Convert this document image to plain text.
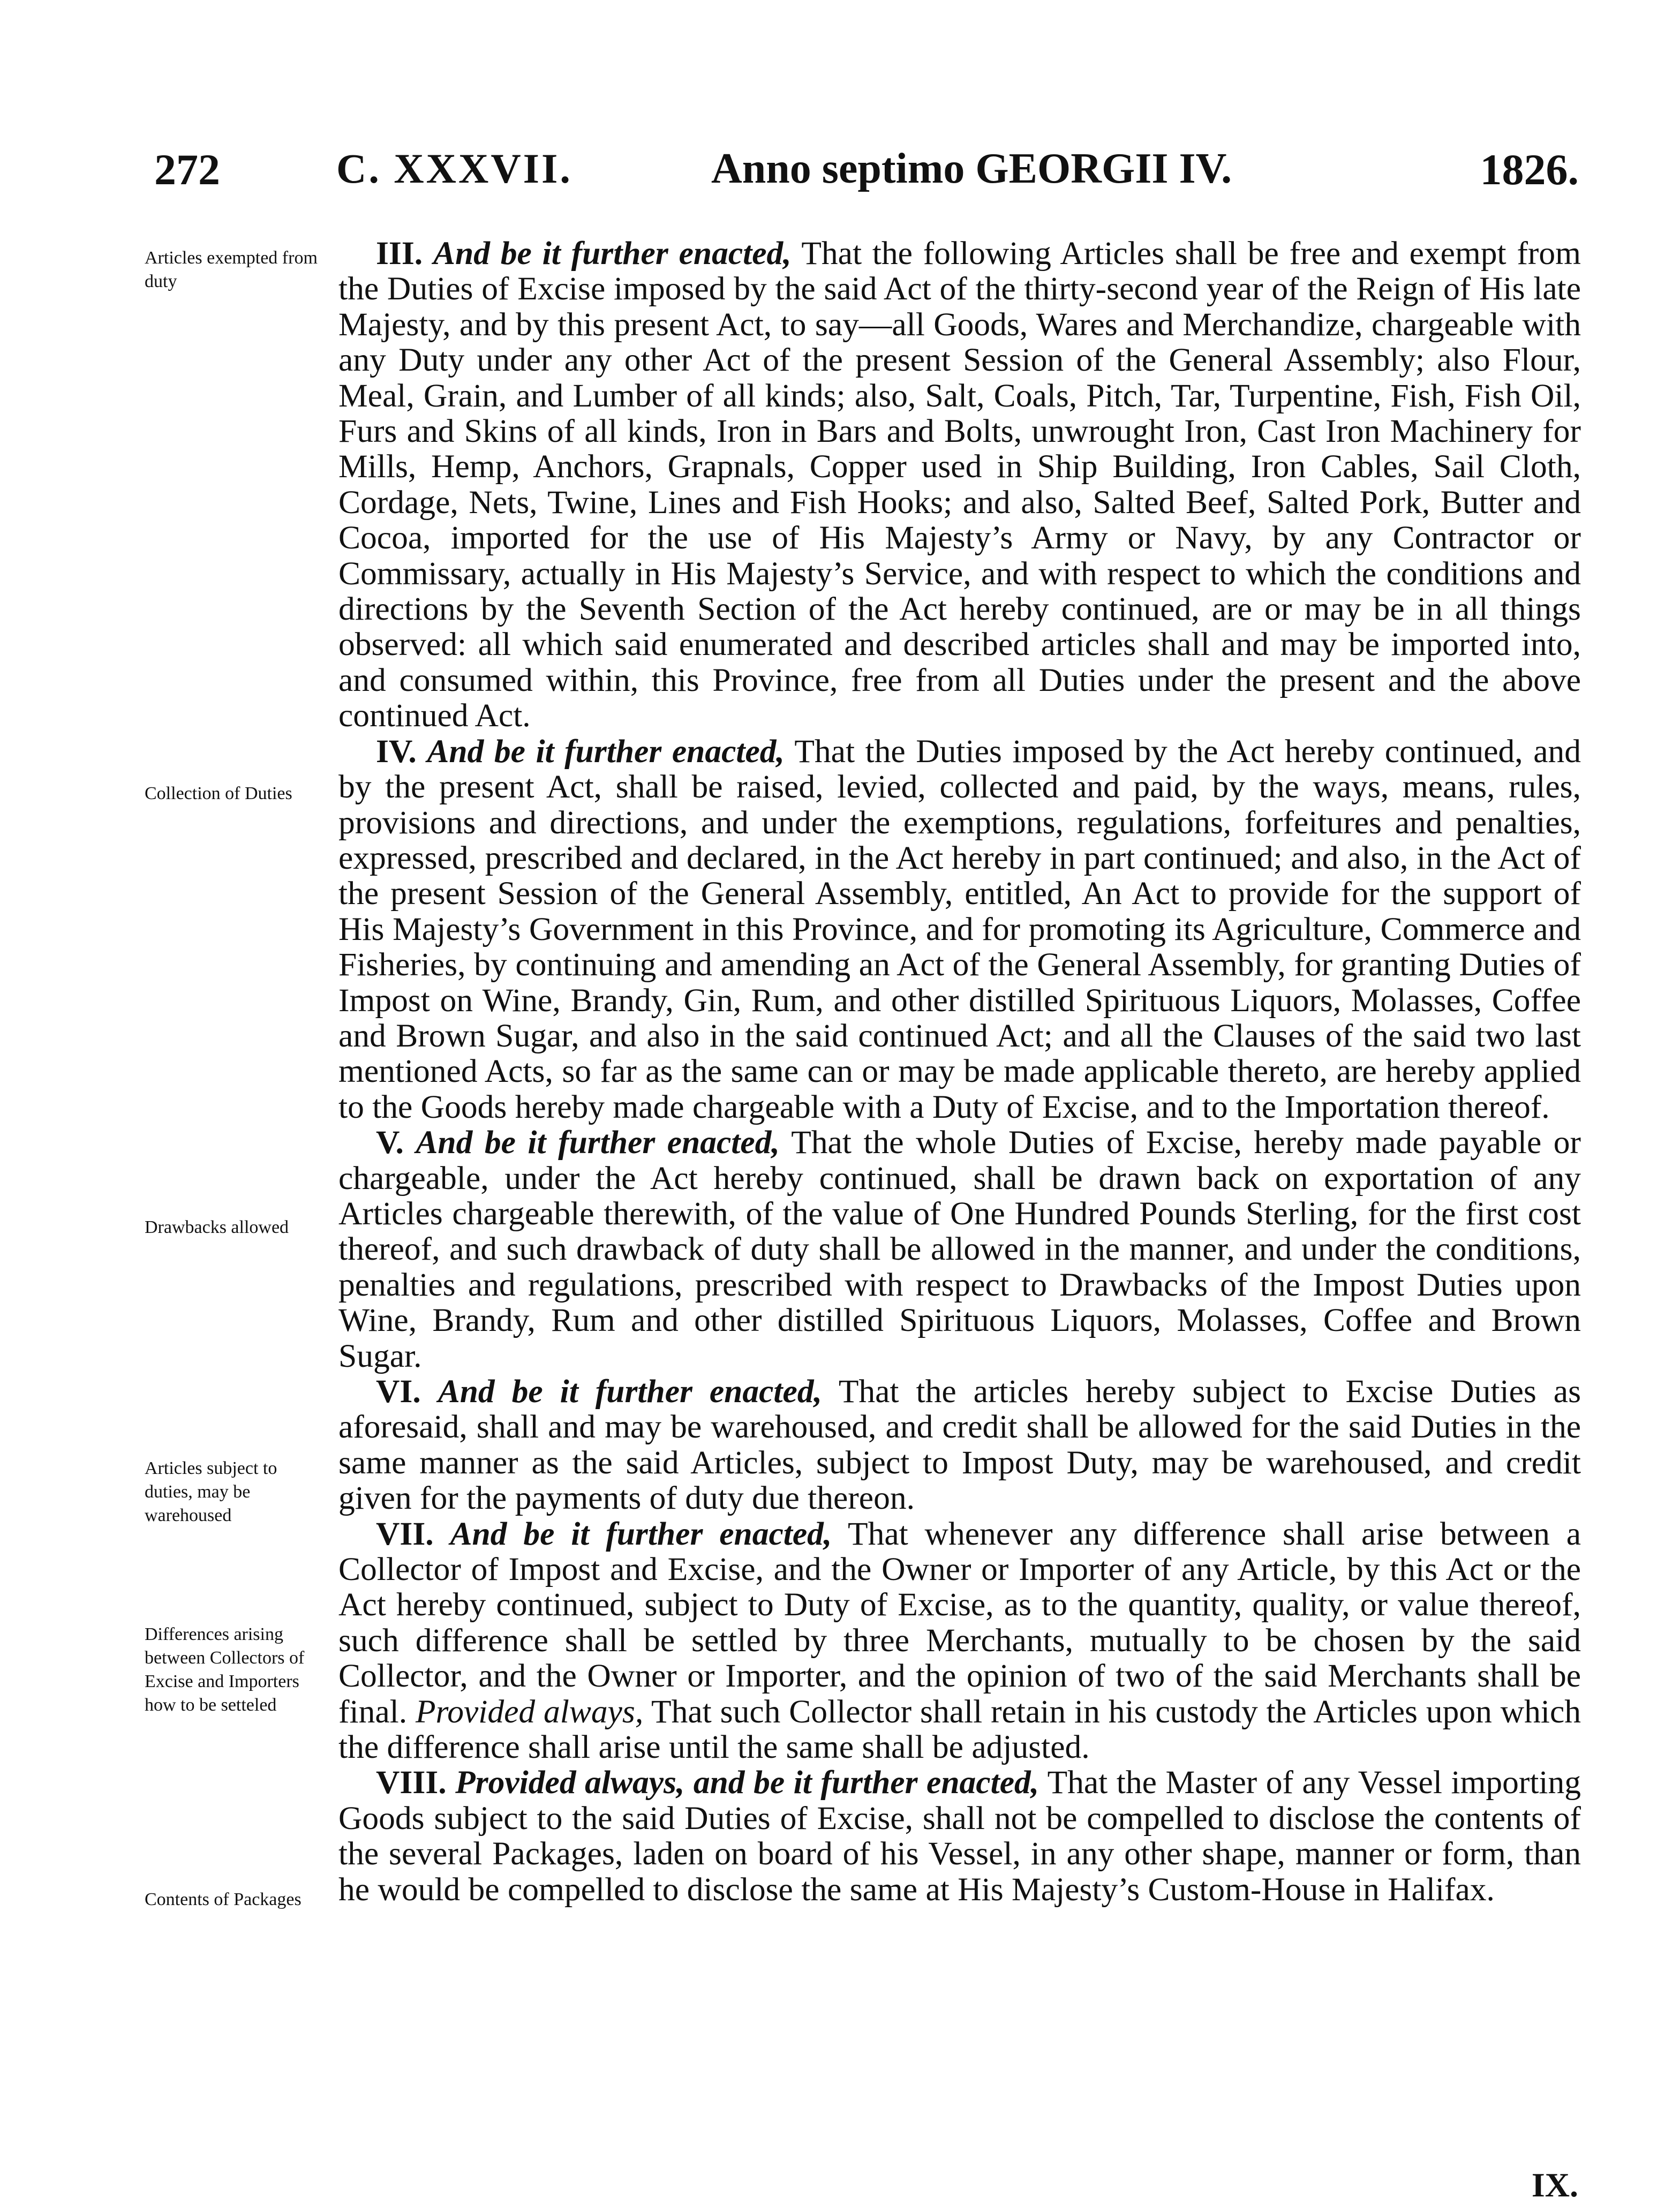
272	C. XXXVII.	Anno septimo GEORGII IV.	1826.
Articles exempted from duty
Collection of Duties
Drawbacks allowed
Articles subject to duties, may be warehoused
Differences arising between Collectors of Excise and Importers how to be setteled
Contents of Packages

III. And be it further enacted, That the following Articles shall be free and exempt from the Duties of Excise imposed by the said Act of the thirty-second year of the Reign of His late Majesty, and by this present Act, to say—all Goods, Wares and Merchandize, chargeable with any Duty under any other Act of the present Session of the General Assembly; also Flour, Meal, Grain, and Lumber of all kinds; also, Salt, Coals, Pitch, Tar, Turpentine, Fish, Fish Oil, Furs and Skins of all kinds, Iron in Bars and Bolts, unwrought Iron, Cast Iron Machinery for Mills, Hemp, Anchors, Grapnals, Copper used in Ship Building, Iron Cables, Sail Cloth, Cordage, Nets, Twine, Lines and Fish Hooks; and also, Salted Beef, Salted Pork, Butter and Cocoa, imported for the use of His Majesty’s Army or Navy, by any Contractor or Commissary, actually in His Majesty’s Service, and with respect to which the conditions and directions by the Seventh Section of the Act hereby continued, are or may be in all things observed: all which said enumerated and described articles shall and may be imported into, and consumed within, this Province, free from all Duties under the present and the above continued Act.

IV. And be it further enacted, That the Duties imposed by the Act hereby continued, and by the present Act, shall be raised, levied, collected and paid, by the ways, means, rules, provisions and directions, and under the exemptions, regulations, forfeitures and penalties, expressed, prescribed and declared, in the Act hereby in part continued; and also, in the Act of the present Session of the General Assembly, entitled, An Act to provide for the support of His Majesty’s Government in this Province, and for promoting its Agriculture, Commerce and Fisheries, by continuing and amending an Act of the General Assembly, for granting Duties of Impost on Wine, Brandy, Gin, Rum, and other distilled Spirituous Liquors, Molasses, Coffee and Brown Sugar, and also in the said continued Act; and all the Clauses of the said two last mentioned Acts, so far as the same can or may be made applicable thereto, are hereby applied to the Goods hereby made chargeable with a Duty of Excise, and to the Importation thereof.

V. And be it further enacted, That the whole Duties of Excise, hereby made payable or chargeable, under the Act hereby continued, shall be drawn back on exportation of any Articles chargeable therewith, of the value of One Hundred Pounds Sterling, for the first cost thereof, and such drawback of duty shall be allowed in the manner, and under the conditions, penalties and regulations, prescribed with respect to Drawbacks of the Impost Duties upon Wine, Brandy, Rum and other distilled Spirituous Liquors, Molasses, Coffee and Brown Sugar.

VI. And be it further enacted, That the articles hereby subject to Excise Duties as aforesaid, shall and may be warehoused, and credit shall be allowed for the said Duties in the same manner as the said Articles, subject to Impost Duty, may be warehoused, and credit given for the payments of duty due thereon.

VII. And be it further enacted, That whenever any difference shall arise between a Collector of Impost and Excise, and the Owner or Importer of any Article, by this Act or the Act hereby continued, subject to Duty of Excise, as to the quantity, quality, or value thereof, such difference shall be settled by three Merchants, mutually to be chosen by the said Collector, and the Owner or Importer, and the opinion of two of the said Merchants shall be final. Provided always, That such Collector shall retain in his custody the Articles upon which the difference shall arise until the same shall be adjusted.

VIII. Provided always, and be it further enacted, That the Master of any Vessel importing Goods subject to the said Duties of Excise, shall not be compelled to disclose the contents of the several Packages, laden on board of his Vessel, in any other shape, manner or form, than he would be compelled to disclose the same at His Majesty’s Custom-House in Halifax.

IX.
